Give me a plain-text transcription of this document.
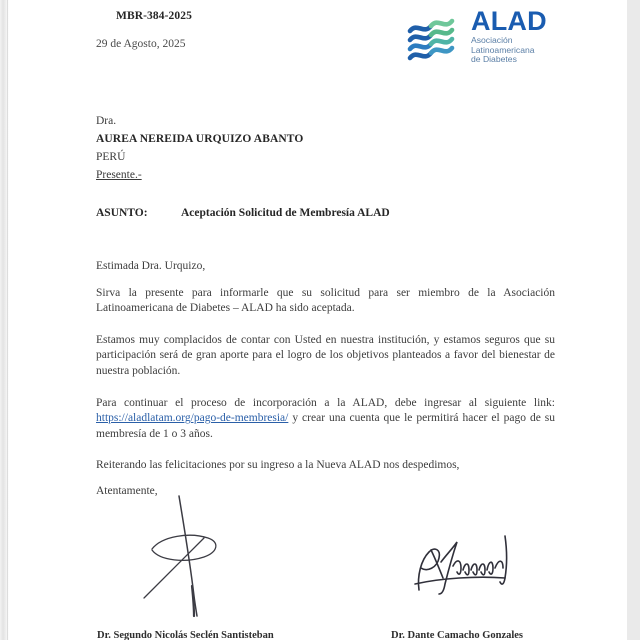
MBR-384-2025
29 de Agosto, 2025
ALAD
Asociación
Latinoamericana
de Diabetes
Dra.
AUREA NEREIDA URQUIZO ABANTO
PERÚ
Presente.-
ASUNTO:	Aceptación Solicitud de Membresía ALAD

Estimada Dra. Urquizo,

Sirva la presente para informarle que su solicitud para ser miembro de la Asociación Latinoamericana de Diabetes – ALAD ha sido aceptada.

Estamos muy complacidos de contar con Usted en nuestra institución, y estamos seguros que su participación será de gran aporte para el logro de los objetivos planteados a favor del bienestar de nuestra población.

Para continuar el proceso de incorporación a la ALAD, debe ingresar al siguiente link: https://aladlatam.org/pago-de-membresia/ y crear una cuenta que le permitirá hacer el pago de su membresía de 1 o 3 años.

Reiterando las felicitaciones por su ingreso a la Nueva ALAD nos despedimos,
Atentamente,
Dr. Segundo Nicolás Seclén Santisteban	Dr. Dante Camacho Gonzales
